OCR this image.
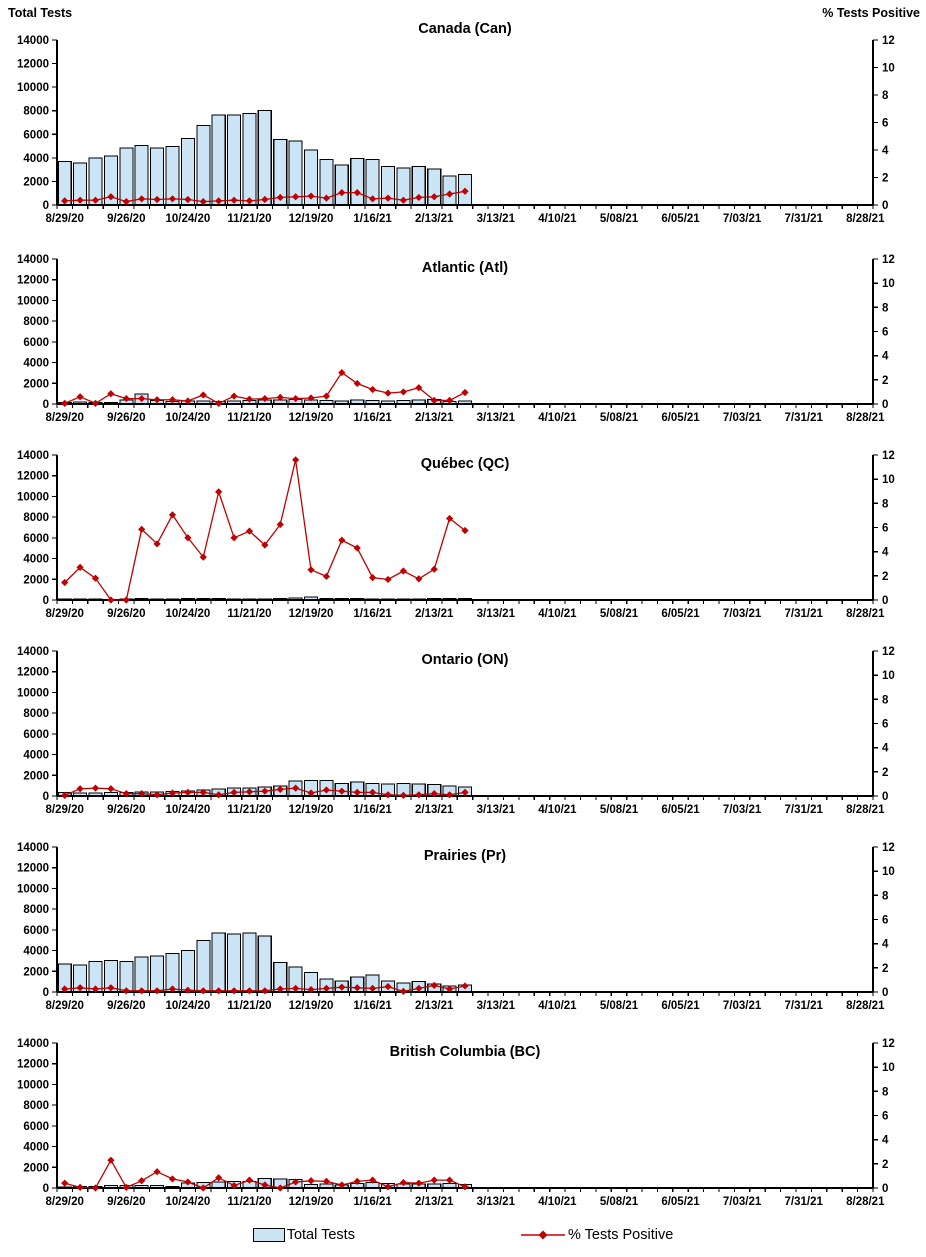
Total Tests	% Tests Positive
0
2000
4000
6000
8000
10000
12000
14000
0
2
4
6
8
10
12
8/29/20 9/26/20 10/24/20 11/21/20 12/19/20 1/16/21 2/13/21 3/13/21 4/10/21 5/08/21 6/05/21 7/03/21 7/31/21 8/28/21
Canada (Can)
0
2000
4000
6000
8000
10000
12000
14000
0
2
4
6
8
10
12
8/29/20 9/26/20 10/24/20 11/21/20 12/19/20 1/16/21 2/13/21 3/13/21 4/10/21 5/08/21 6/05/21 7/03/21 7/31/21 8/28/21
Atlantic (Atl)
0
2000
4000
6000
8000
10000
12000
14000
0
2
4
6
8
10
12
8/29/20 9/26/20 10/24/20 11/21/20 12/19/20 1/16/21 2/13/21 3/13/21 4/10/21 5/08/21 6/05/21 7/03/21 7/31/21 8/28/21
Québec (QC)
0
2000
4000
6000
8000
10000
12000
14000
0
2
4
6
8
10
12
8/29/20 9/26/20 10/24/20 11/21/20 12/19/20 1/16/21 2/13/21 3/13/21 4/10/21 5/08/21 6/05/21 7/03/21 7/31/21 8/28/21
Ontario (ON)
0
2000
4000
6000
8000
10000
12000
14000
0
2
4
6
8
10
12
8/29/20 9/26/20 10/24/20 11/21/20 12/19/20 1/16/21 2/13/21 3/13/21 4/10/21 5/08/21 6/05/21 7/03/21 7/31/21 8/28/21
Prairies (Pr)
0
2000
4000
6000
8000
10000
12000
14000
0
2
4
6
8
10
12
8/29/20 9/26/20 10/24/20 11/21/20 12/19/20 1/16/21 2/13/21 3/13/21 4/10/21 5/08/21 6/05/21 7/03/21 7/31/21 8/28/21
British Columbia (BC)
Total Tests	% Tests Positive
